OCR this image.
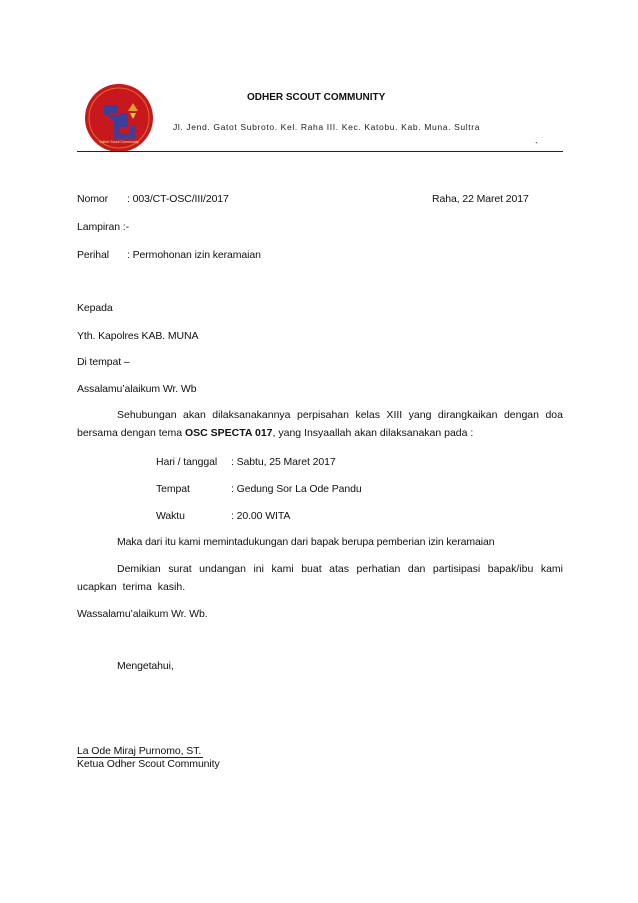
Odher Scout Community
ODHER SCOUT COMMUNITY
Jl. Jend. Gatot Subroto. Kel. Raha III. Kec. Katobu. Kab. Muna. Sultra
`
Nomor : 003/CT-OSC/III/2017	Raha, 22 Maret 2017
Lampiran :-
Perihal : Permohonan izin keramaian
Kepada
Yth. Kapolres KAB. MUNA
Di tempat –
Assalamu’alaikum Wr. Wb
Sehubungan akan dilaksanakannya perpisahan kelas XIII yang dirangkaikan dengan doa bersama dengan tema OSC SPECTA 017, yang Insyaallah akan dilaksanakan pada :
Hari / tanggal : Sabtu, 25 Maret 2017
Tempat	: Gedung Sor La Ode Pandu
Waktu	: 20.00 WITA
Maka dari itu kami memintadukungan dari bapak berupa pemberian izin keramaian
Demikian surat undangan ini kami buat atas perhatian dan partisipasi bapak/ibu kami ucapkan terima kasih.
Wassalamu’alaikum Wr. Wb.
Mengetahui,
La Ode Miraj Purnomo, ST.
Ketua Odher Scout Community
